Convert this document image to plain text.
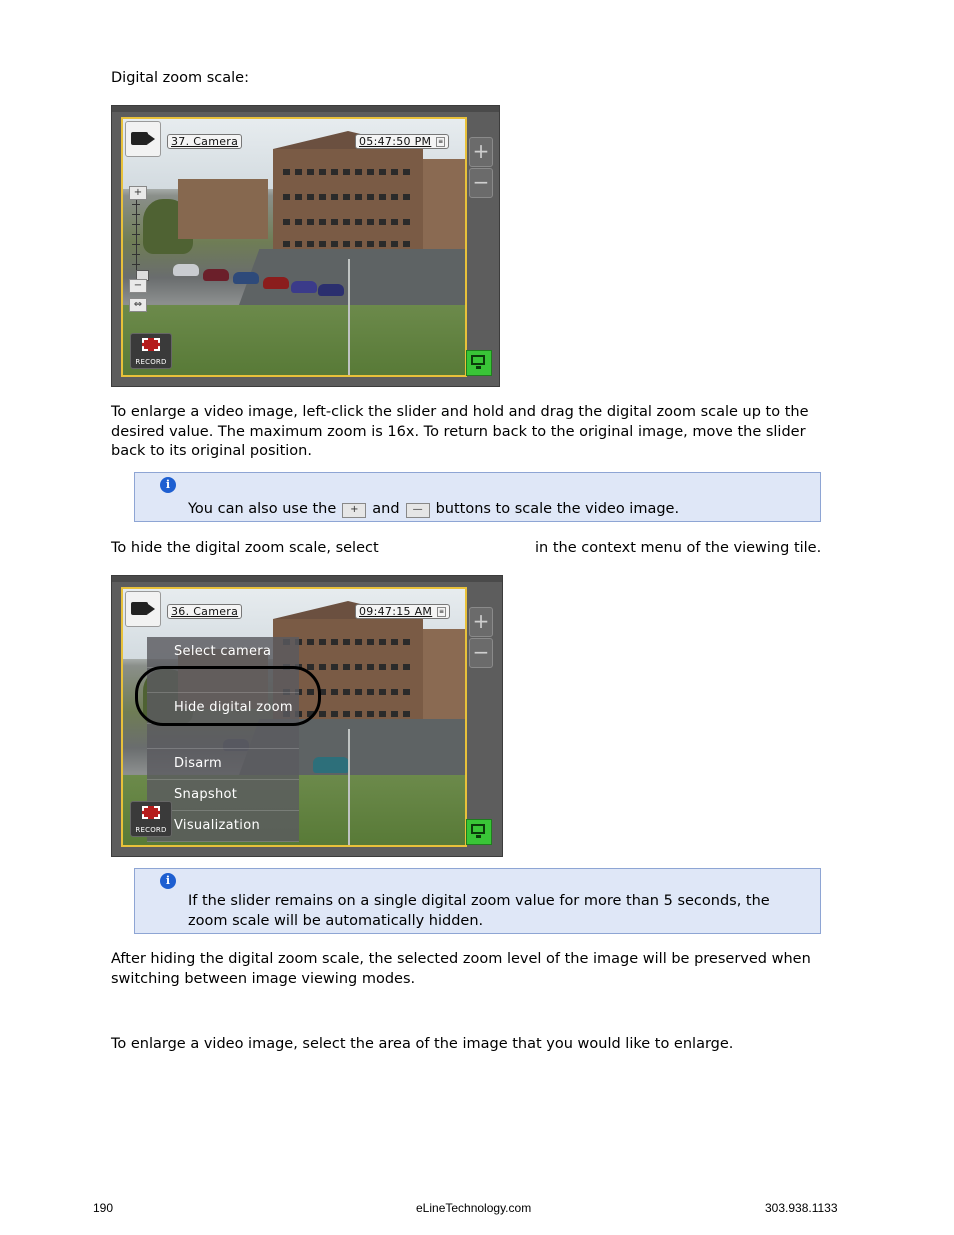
Digital zoom scale:
37. Camera	05:47:50 PM ≡
+
−
⇔
RECORD
+
−
To enlarge a video image, left-click the slider and hold and drag the digital zoom scale up to the desired value. The maximum zoom is 16x. To return back to the original image, move the slider back to its original position.
i
You can also use the + and — buttons to scale the video image.
To hide the digital zoom scale, select	in the context menu of the viewing tile.
36. Camera	09:47:15 AM ≡
Select camera
Hide digital zoom
Disarm
Snapshot
Visualization
RECORD
+
−
i
If the slider remains on a single digital zoom value for more than 5 seconds, the zoom scale will be automatically hidden.
After hiding the digital zoom scale, the selected zoom level of the image will be preserved when switching between image viewing modes.
To enlarge a video image, select the area of the image that you would like to enlarge.
190	eLineTechnology.com	303.938.1133
